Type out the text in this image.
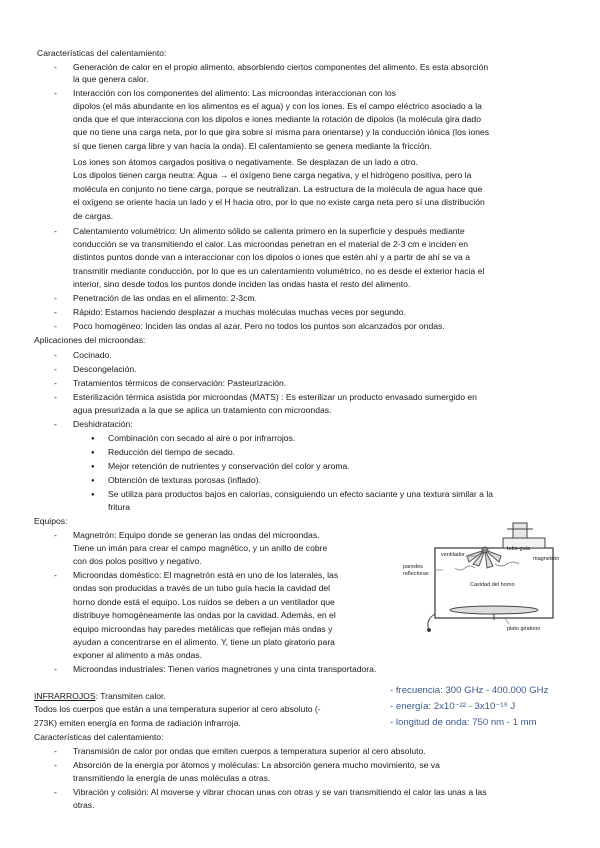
Características del calentamiento:
- Generación de calor en el propio alimento, absorbiendo ciertos componentes del alimento. Es esta absorción
la que genera calor.
- Interacción con los componentes del alimento: Las microondas interaccionan con los
dipolos (el más abundante en los alimentos es el agua) y con los iones. Es el campo eléctrico asociado a la
onda que el que interacciona con los dipolos e iones mediante la rotación de dipolos (la molécula gira dado
que no tiene una carga neta, por lo que gira sobre sí misma para orientarse) y la conducción iónica (los iones
sí que tienen carga libre y van hacia la onda). El calentamiento se genera mediante la fricción.
Los iones son átomos cargados positiva o negativamente. Se desplazan de un lado a otro.
Los dipolos tienen carga neutra: Agua → el oxígeno tiene carga negativa, y el hidrógeno positiva, pero la
molécula en conjunto no tiene carga, porque se neutralizan. La estructura de la molécula de agua hace que
el oxígeno se oriente hacia un lado y el H hacia otro, por lo que no existe carga neta pero sí una distribución
de cargas.
- Calentamiento volumétrico: Un alimento sólido se calienta primero en la superficie y después mediante
conducción se va transmitiendo el calor. Las microondas penetran en el material de 2-3 cm e inciden en
distintos puntos donde van a interaccionar con los dipolos o iones que estén ahí y a partir de ahí se va a
transmitir mediante conducción, por lo que es un calentamiento volumétrico, no es desde el exterior hacia el
interior, sino desde todos los puntos donde inciden las ondas hasta el resto del alimento.
- Penetración de las ondas en el alimento: 2-3cm.
- Rápido: Estamos haciendo desplazar a muchas moléculas muchas veces por segundo.
- Poco homogéneo: Inciden las ondas al azar. Pero no todos los puntos son alcanzados por ondas.
Aplicaciones del microondas:
- Cocinado.
- Descongelación.
- Tratamientos térmicos de conservación: Pasteurización.
- Esterilización térmica asistida por microondas (MATS) : Es esterilizar un producto envasado sumergido en
agua presurizada a la que se aplica un tratamiento con microondas.
- Deshidratación:
● Combinación con secado al aire o por infrarrojos.
● Reducción del tiempo de secado.
● Mejor retención de nutrientes y conservación del color y aroma.
● Obtención de texturas porosas (inflado).
● Se utiliza para productos bajos en calorías, consiguiendo un efecto saciante y una textura similar a la
fritura
Equipos:
- Magnetrón: Equipo donde se generan las ondas del microondas.
Tiene un imán para crear el campo magnético, y un anillo de cobre
con dos polos positivo y negativo.
- Microondas doméstico: El magnetrón está en uno de los laterales, las
ondas son producidas a través de un tubo guía hacia la cavidad del
horno donde está el equipo. Los ruidos se deben a un ventilador que
distribuye homogéneamente las ondas por la cavidad. Además, en el
equipo microondas hay paredes metálicas que reflejan más ondas y
ayudan a concentrarse en el alimento. Y, tiene un plato giratorio para
exponer al alimento a más ondas.
- Microondas industriales: Tienen varios magnetrones y una cinta transportadora.
tubo-guía
magnetrón
ventilador
paredes
reflectoras
Cavidad del horno
plato giratorio
INFRARROJOS: Transmiten calor.
Todos los cuerpos que están a una temperatura superior al cero absoluto (-
273K) emiten energía en forma de radiación infrarroja.
- frecuencia: 300 GHz - 400.000 GHz
- energía: 2x10⁻²² - 3x10⁻¹⁹ J
- longitud de onda: 750 nm - 1 mm
Características del calentamiento:
- Transmisión de calor por ondas que emiten cuerpos a temperatura superior al cero absoluto.
- Absorción de la energía por átomos y moléculas: La absorción genera mucho movimiento, se va
transmitiendo la energía de unas moléculas a otras.
- Vibración y colisión: Al moverse y vibrar chocan unas con otras y se van transmitiendo el calor las unas a las
otras.
